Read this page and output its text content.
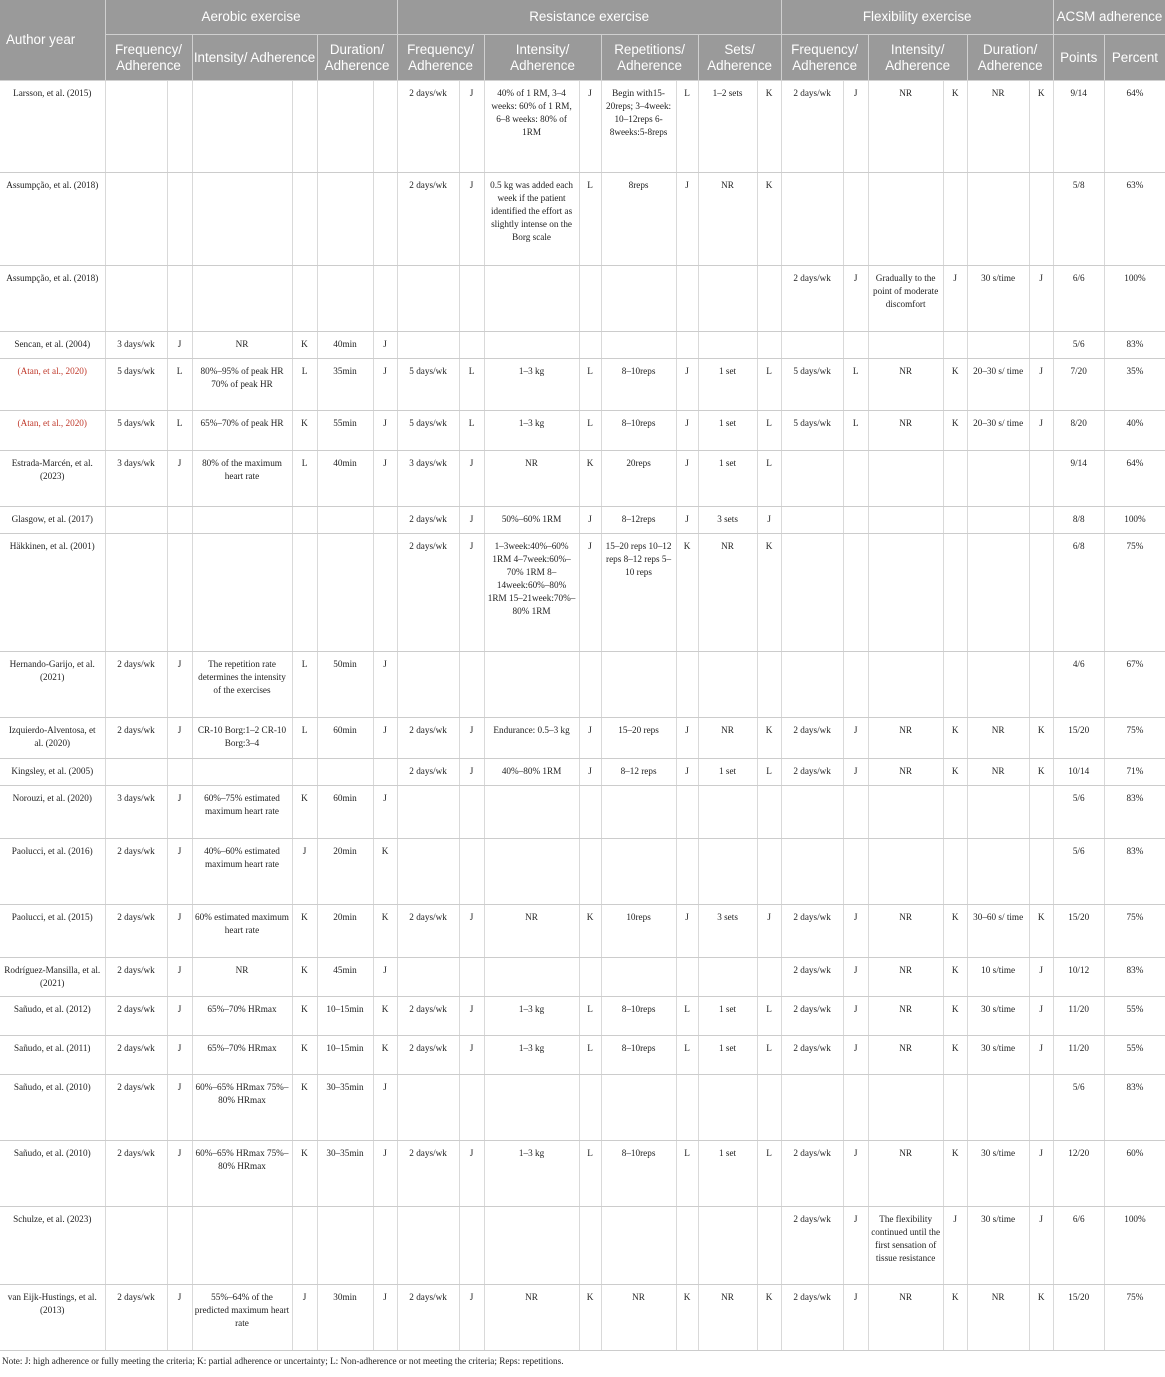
Author year	Aerobic exercise						Resistance exercise								Flexibility exercise						ACSM adherence	
	Frequency/ Adherence		Intensity/ Adherence		Duration/ Adherence		Frequency/ Adherence		Intensity/ Adherence		Repetitions/ Adherence		Sets/ Adherence		Frequency/ Adherence		Intensity/ Adherence		Duration/ Adherence		Points	Percent
Larsson, et al. (2015)							2 days/wk	J	40% of 1 RM, 3–4 weeks: 60% of 1 RM, 6–8 weeks: 80% of 1RM	J	Begin with15-20reps; 3–4week: 10–12reps 6-8weeks:5-8reps	L	1–2 sets	K	2 days/wk	J	NR	K	NR	K	9/14	64%
Assumpção, et al. (2018)							2 days/wk	J	0.5 kg was added each week if the patient identified the effort as slightly intense on the Borg scale	L	8reps	J	NR	K							5/8	63%
Assumpção, et al. (2018)															2 days/wk	J	Gradually to the point of moderate discomfort	J	30 s/time	J	6/6	100%
Sencan, et al. (2004)	3 days/wk	J	NR	K	40min	J															5/6	83%
(Atan, et al., 2020)	5 days/wk	L	80%–95% of peak HR 70% of peak HR	L	35min	J	5 days/wk	L	1–3 kg	L	8–10reps	J	1 set	L	5 days/wk	L	NR	K	20–30 s/ time	J	7/20	35%
(Atan, et al., 2020)	5 days/wk	L	65%–70% of peak HR	K	55min	J	5 days/wk	L	1–3 kg	L	8–10reps	J	1 set	L	5 days/wk	L	NR	K	20–30 s/ time	J	8/20	40%
Estrada-Marcén, et al. (2023)	3 days/wk	J	80% of the maximum heart rate	L	40min	J	3 days/wk	J	NR	K	20reps	J	1 set	L							9/14	64%
Glasgow, et al. (2017)							2 days/wk	J	50%–60% 1RM	J	8–12reps	J	3 sets	J							8/8	100%
Häkkinen, et al. (2001)							2 days/wk	J	1–3week:40%–60% 1RM 4–7week:60%–70% 1RM 8–14week:60%–80% 1RM 15–21week:70%–80% 1RM	J	15–20 reps 10–12 reps 8–12 reps 5–10 reps	K	NR	K							6/8	75%
Hernando-Garijo, et al. (2021)	2 days/wk	J	The repetition rate determines the intensity of the exercises	L	50min	J															4/6	67%
Izquierdo-Alventosa, et al. (2020)	2 days/wk	J	CR-10 Borg:1–2 CR-10 Borg:3–4	L	60min	J	2 days/wk	J	Endurance: 0.5–3 kg	J	15–20 reps	J	NR	K	2 days/wk	J	NR	K	NR	K	15/20	75%
Kingsley, et al. (2005)							2 days/wk	J	40%–80% 1RM	J	8–12 reps	J	1 set	L	2 days/wk	J	NR	K	NR	K	10/14	71%
Norouzi, et al. (2020)	3 days/wk	J	60%–75% estimated maximum heart rate	K	60min	J															5/6	83%
Paolucci, et al. (2016)	2 days/wk	J	40%–60% estimated maximum heart rate	J	20min	K															5/6	83%
Paolucci, et al. (2015)	2 days/wk	J	60% estimated maximum heart rate	K	20min	K	2 days/wk	J	NR	K	10reps	J	3 sets	J	2 days/wk	J	NR	K	30–60 s/ time	K	15/20	75%
Rodríguez-Mansilla, et al. (2021)	2 days/wk	J	NR	K	45min	J									2 days/wk	J	NR	K	10 s/time	J	10/12	83%
Sañudo, et al. (2012)	2 days/wk	J	65%–70% HRmax	K	10–15min	K	2 days/wk	J	1–3 kg	L	8–10reps	L	1 set	L	2 days/wk	J	NR	K	30 s/time	J	11/20	55%
Sañudo, et al. (2011)	2 days/wk	J	65%–70% HRmax	K	10–15min	K	2 days/wk	J	1–3 kg	L	8–10reps	L	1 set	L	2 days/wk	J	NR	K	30 s/time	J	11/20	55%
Sañudo, et al. (2010)	2 days/wk	J	60%–65% HRmax 75%–80% HRmax	K	30–35min	J															5/6	83%
Sañudo, et al. (2010)	2 days/wk	J	60%–65% HRmax 75%–80% HRmax	K	30–35min	J	2 days/wk	J	1–3 kg	L	8–10reps	L	1 set	L	2 days/wk	J	NR	K	30 s/time	J	12/20	60%
Schulze, et al. (2023)															2 days/wk	J	The flexibility continued until the first sensation of tissue resistance	J	30 s/time	J	6/6	100%
van Eijk-Hustings, et al. (2013)	2 days/wk	J	55%–64% of the predicted maximum heart rate	J	30min	J	2 days/wk	J	NR	K	NR	K	NR	K	2 days/wk	J	NR	K	NR	K	15/20	75%
Note: J: high adherence or fully meeting the criteria; K: partial adherence or uncertainty; L: Non-adherence or not meeting the criteria; Reps: repetitions.
